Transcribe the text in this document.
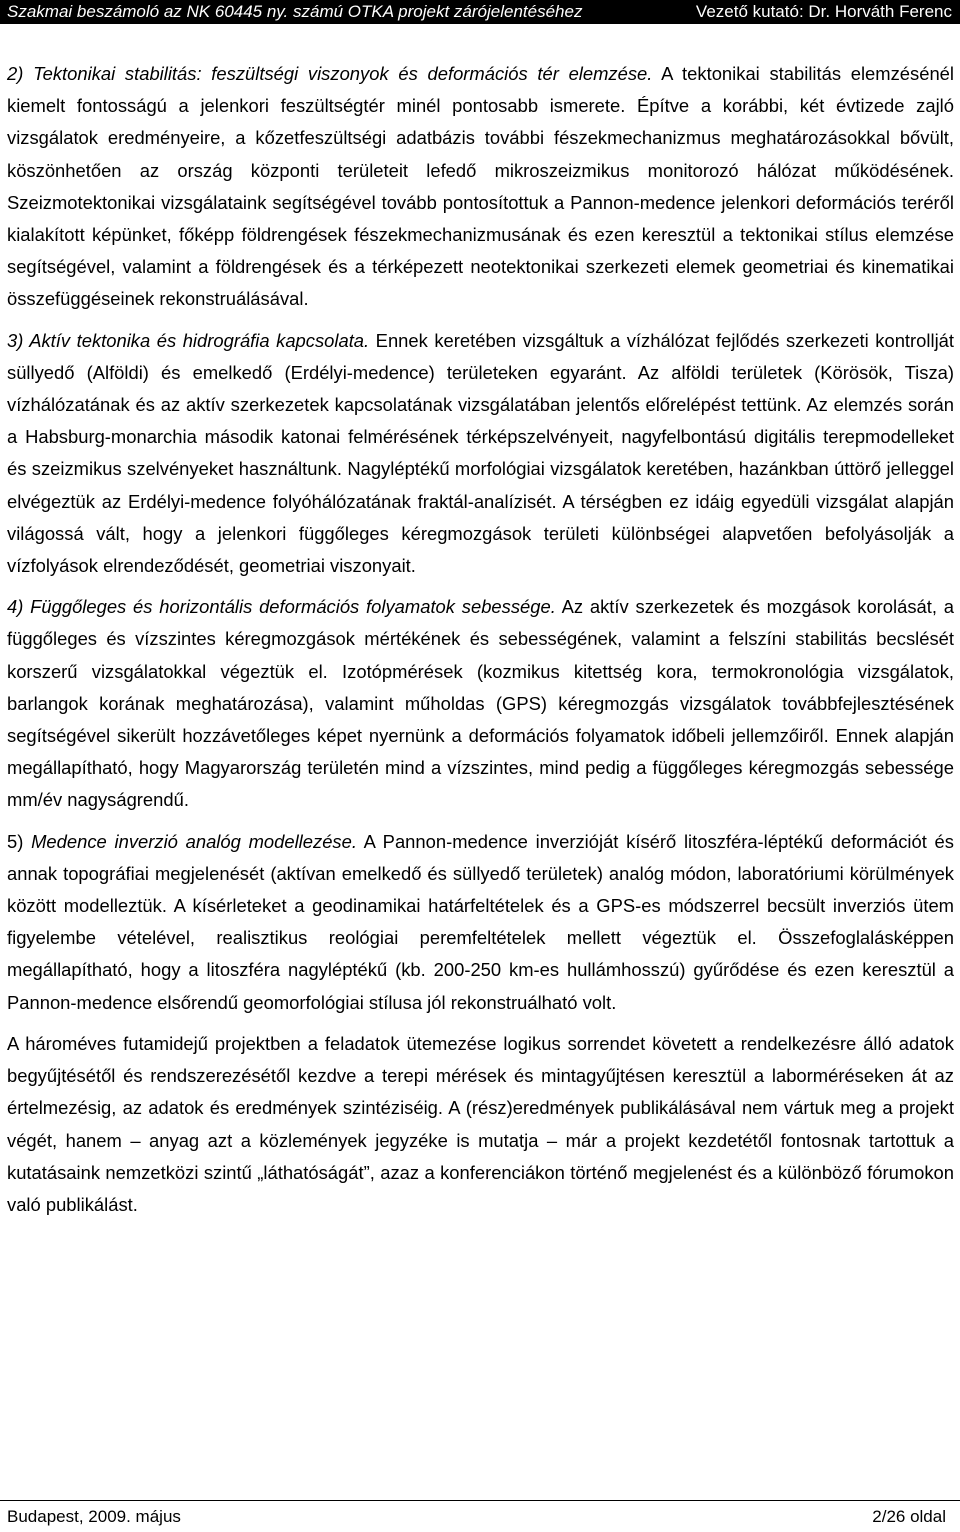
Szakmai beszámoló az NK 60445 ny. számú OTKA projekt zárójelentéséhez	Vezető kutató: Dr. Horváth Ferenc

2) Tektonikai stabilitás: feszültségi viszonyok és deformációs tér elemzése. A tektonikai stabilitás elemzésénél kiemelt fontosságú a jelenkori feszültségtér minél pontosabb ismerete. Építve a korábbi, két évtizede zajló vizsgálatok eredményeire, a kőzetfeszültségi adatbázis további fészekmechanizmus meghatározásokkal bővült, köszönhetően az ország központi területeit lefedő mikroszeizmikus monitorozó hálózat működésének. Szeizmotektonikai vizsgálataink segítségével tovább pontosítottuk a Pannon-medence jelenkori deformációs teréről kialakított képünket, főképp földrengések fészekmechanizmusának és ezen keresztül a tektonikai stílus elemzése segítségével, valamint a földrengések és a térképezett neotektonikai szerkezeti elemek geometriai és kinematikai összefüggéseinek rekonstruálásával.

3) Aktív tektonika és hidrográfia kapcsolata. Ennek keretében vizsgáltuk a vízhálózat fejlődés szerkezeti kontrollját süllyedő (Alföldi) és emelkedő (Erdélyi-medence) területeken egyaránt. Az alföldi területek (Körösök, Tisza) vízhálózatának és az aktív szerkezetek kapcsolatának vizsgálatában jelentős előrelépést tettünk. Az elemzés során a Habsburg-monarchia második katonai felmérésének térképszelvényeit, nagyfelbontású digitális terepmodelleket és szeizmikus szelvényeket használtunk. Nagyléptékű morfológiai vizsgálatok keretében, hazánkban úttörő jelleggel elvégeztük az Erdélyi-medence folyóhálózatának fraktál-analízisét. A térségben ez idáig egyedüli vizsgálat alapján világossá vált, hogy a jelenkori függőleges kéregmozgások területi különbségei alapvetően befolyásolják a vízfolyások elrendeződését, geometriai viszonyait.

4) Függőleges és horizontális deformációs folyamatok sebessége. Az aktív szerkezetek és mozgások korolását, a függőleges és vízszintes kéregmozgások mértékének és sebességének, valamint a felszíni stabilitás becslését korszerű vizsgálatokkal végeztük el. Izotópmérések (kozmikus kitettség kora, termokronológia vizsgálatok, barlangok korának meghatározása), valamint műholdas (GPS) kéregmozgás vizsgálatok továbbfejlesztésének segítségével sikerült hozzávetőleges képet nyernünk a deformációs folyamatok időbeli jellemzőiről. Ennek alapján megállapítható, hogy Magyarország területén mind a vízszintes, mind pedig a függőleges kéregmozgás sebessége mm/év nagyságrendű.

5) Medence inverzió analóg modellezése. A Pannon-medence inverzióját kísérő litoszféra-léptékű deformációt és annak topográfiai megjelenését (aktívan emelkedő és süllyedő területek) analóg módon, laboratóriumi körülmények között modelleztük. A kísérleteket a geodinamikai határfeltételek és a GPS-es módszerrel becsült inverziós ütem figyelembe vételével, realisztikus reológiai peremfeltételek mellett végeztük el. Összefoglalásképpen megállapítható, hogy a litoszféra nagyléptékű (kb. 200-250 km-es hullámhosszú) gyűrődése és ezen keresztül a Pannon-medence elsőrendű geomorfológiai stílusa jól rekonstruálható volt.

A hároméves futamidejű projektben a feladatok ütemezése logikus sorrendet követett a rendelkezésre álló adatok begyűjtésétől és rendszerezésétől kezdve a terepi mérések és mintagyűjtésen keresztül a laborméréseken át az értelmezésig, az adatok és eredmények szintéziséig. A (rész)eredmények publikálásával nem vártuk meg a projekt végét, hanem – anyag azt a közlemények jegyzéke is mutatja – már a projekt kezdetétől fontosnak tartottuk a kutatásaink nemzetközi szintű „láthatóságát”, azaz a konferenciákon történő megjelenést és a különböző fórumokon való publikálást.

Budapest, 2009. május	2/26 oldal
